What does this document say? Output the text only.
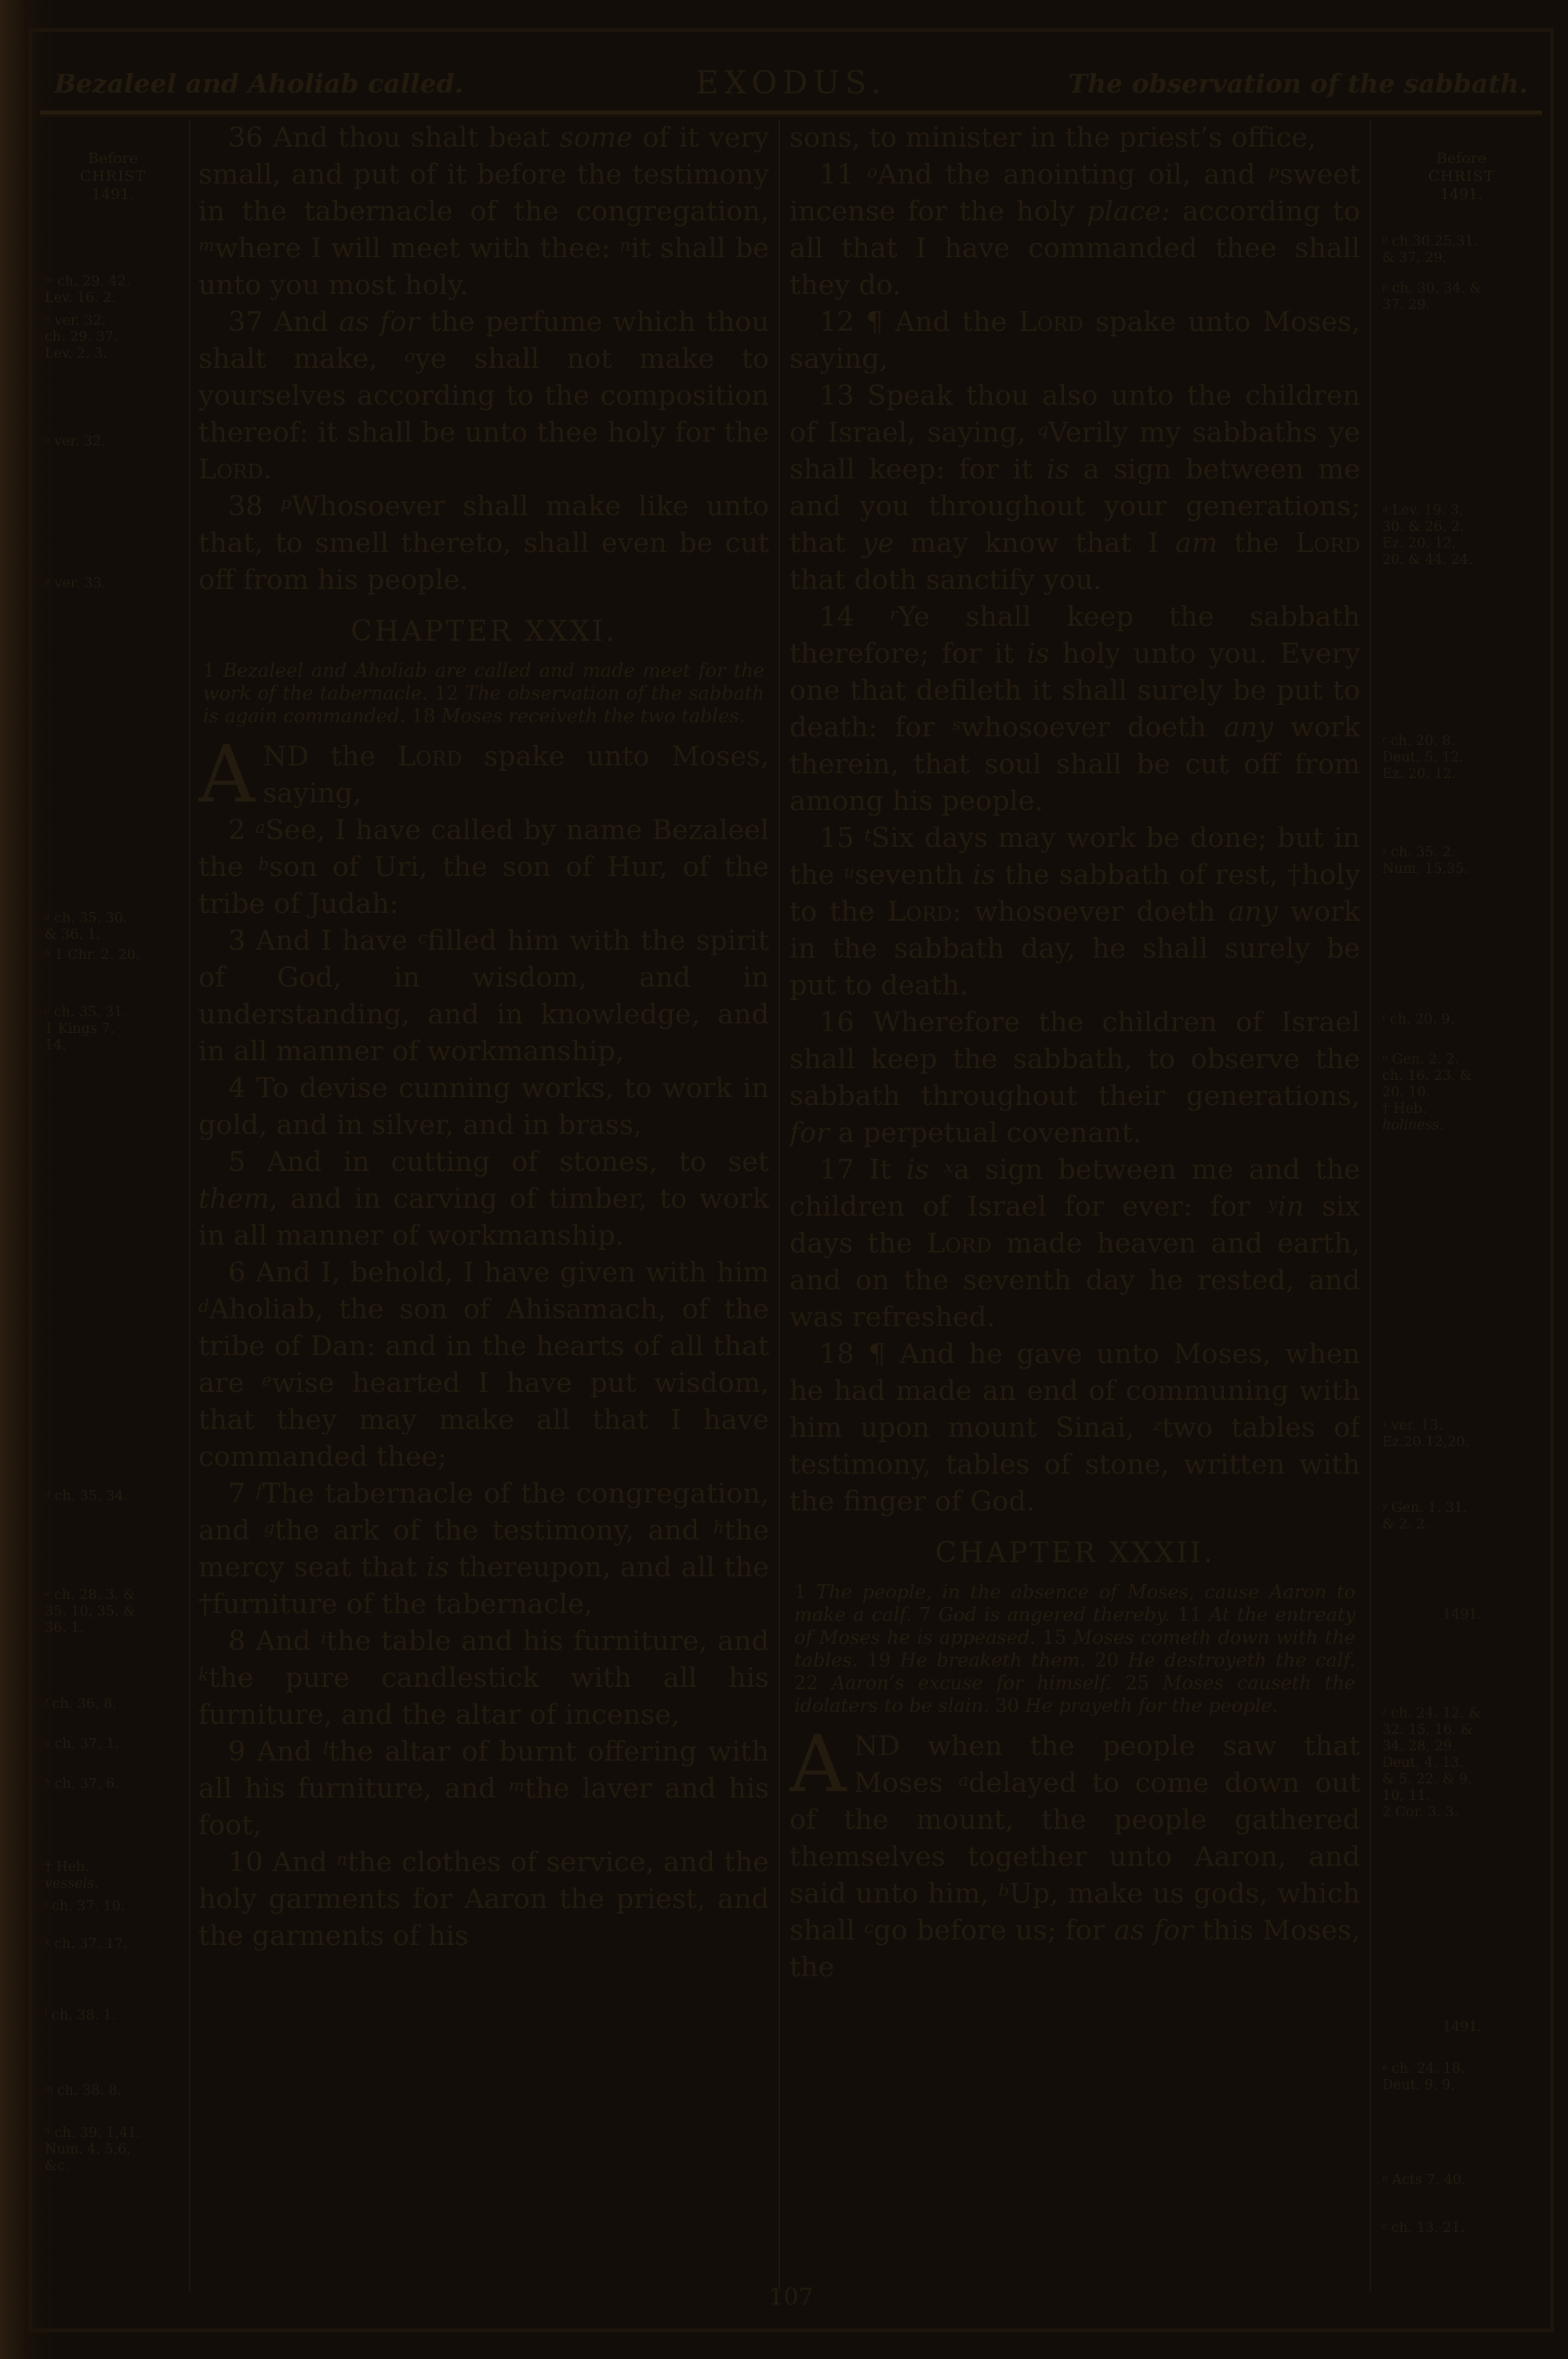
Bezaleel and Aholiab called.	EXODUS.	The observation of the sabbath.
Before
CHRIST
1491.
$^m$ ch. 29. 42.
Lev. 16. 2.
$^n$ ver. 32.
ch. 29. 37.
Lev. 2. 3.
$^o$ ver. 32.
$^p$ ver. 33.
$^a$ ch. 35. 30.
& 36. 1.
$^b$ 1 Chr. 2. 20.
$^c$ ch. 35. 31.
1 Kings 7.
14.
$^d$ ch. 35. 34.
$^e$ ch. 28. 3. &
35. 10, 35. &
36. 1.
$^f$ ch. 36. 8.
$^g$ ch. 37. 1.
$^h$ ch. 37. 6.
† Heb.
vessels.
$^i$ ch. 37. 10.
$^k$ ch. 37. 17.
$^l$ ch. 38. 1.
$^m$ ch. 38. 8.
$^n$ ch. 39. 1,41.
Num. 4. 5,6,
&c.

36 And thou shalt beat some of it very small, and put of it before the testimony in the tabernacle of the congregation, $^m$where I will meet with thee: $^n$it shall be unto you most holy.

37 And as for the perfume which thou shalt make, $^o$ye shall not make to yourselves according to the composition thereof: it shall be unto thee holy for the Lord.

38 $^p$Whosoever shall make like unto that, to smell thereto, shall even be cut off from his people.

CHAPTER XXXI.

1 Bezaleel and Aholiab are called and made meet for the work of the tabernacle. 12 The observation of the sabbath is again commanded. 18 Moses receiveth the two tables.

AND the Lord spake unto Moses, saying,

2 $^a$See, I have called by name Bezaleel the $^b$son of Uri, the son of Hur, of the tribe of Judah:

3 And I have $^c$filled him with the spirit of God, in wisdom, and in understanding, and in knowledge, and in all manner of workmanship,

4 To devise cunning works, to work in gold, and in silver, and in brass,

5 And in cutting of stones, to set them, and in carving of timber, to work in all manner of workmanship.

6 And I, behold, I have given with him $^d$Aholiab, the son of Ahisamach, of the tribe of Dan: and in the hearts of all that are $^e$wise hearted I have put wisdom, that they may make all that I have commanded thee;

7 $^f$The tabernacle of the congregation, and $^g$the ark of the testimony, and $^h$the mercy seat that is thereupon, and all the †furniture of the tabernacle,

8 And $^i$the table and his furniture, and $^k$the pure candlestick with all his furniture, and the altar of incense,

9 And $^l$the altar of burnt offering with all his furniture, and $^m$the laver and his foot,

10 And $^n$the clothes of service, and the holy garments for Aaron the priest, and the garments of his

sons, to minister in the priest’s office,

11 $^o$And the anointing oil, and $^p$sweet incense for the holy place: according to all that I have commanded thee shall they do.

12 ¶ And the Lord spake unto Moses, saying,

13 Speak thou also unto the children of Israel, saying, $^q$Verily my sabbaths ye shall keep: for it is a sign between me and you throughout your generations; that ye may know that I am the Lord that doth sanctify you.

14 $^r$Ye shall keep the sabbath therefore; for it is holy unto you. Every one that defileth it shall surely be put to death: for $^s$whosoever doeth any work therein, that soul shall be cut off from among his people.

15 $^t$Six days may work be done; but in the $^u$seventh is the sabbath of rest, †holy to the Lord: whosoever doeth any work in the sabbath day, he shall surely be put to death.

16 Wherefore the children of Israel shall keep the sabbath, to observe the sabbath throughout their generations, for a perpetual covenant.

17 It is $^x$a sign between me and the children of Israel for ever: for $^y$in six days the Lord made heaven and earth, and on the seventh day he rested, and was refreshed.

18 ¶ And he gave unto Moses, when he had made an end of communing with him upon mount Sinai, $^z$two tables of testimony, tables of stone, written with the finger of God.

CHAPTER XXXII.

1 The people, in the absence of Moses, cause Aaron to make a calf. 7 God is angered thereby. 11 At the entreaty of Moses he is appeased. 15 Moses cometh down with the tables. 19 He breaketh them. 20 He destroyeth the calf. 22 Aaron’s excuse for himself. 25 Moses causeth the idolaters to be slain. 30 He prayeth for the people.

AND when the people saw that Moses $^a$delayed to come down out of the mount, the people gathered themselves together unto Aaron, and said unto him, $^b$Up, make us gods, which shall $^c$go before us; for as for this Moses, the

Before
CHRIST
1491.
$^o$ ch.30.25,31.
& 37. 29.
$^p$ ch. 30. 34. &
37. 29.
$^q$ Lev. 19. 3,
30. & 26. 2.
Ez. 20. 12,
20. & 44. 24.
$^r$ ch. 20. 8.
Deut. 5. 12.
Ez. 20. 12.
$^s$ ch. 35. 2.
Num. 15.35.
$^t$ ch. 20. 9.
$^u$ Gen. 2. 2.
ch. 16. 23. &
20. 10.
† Heb.
holiness.
$^x$ ver. 13.
Ez.20.12,20.
$^y$ Gen. 1. 31.
& 2. 2.
1491.
$^z$ ch. 24. 12. &
32. 15, 16. &
34. 28, 29.
Deut. 4. 13.
& 5. 22. & 9.
10, 11.
2 Cor. 3. 3.
1491.
$^a$ ch. 24. 18.
Deut. 9. 9.
$^b$ Acts 7. 40.
$^c$ ch. 13. 21.
107
